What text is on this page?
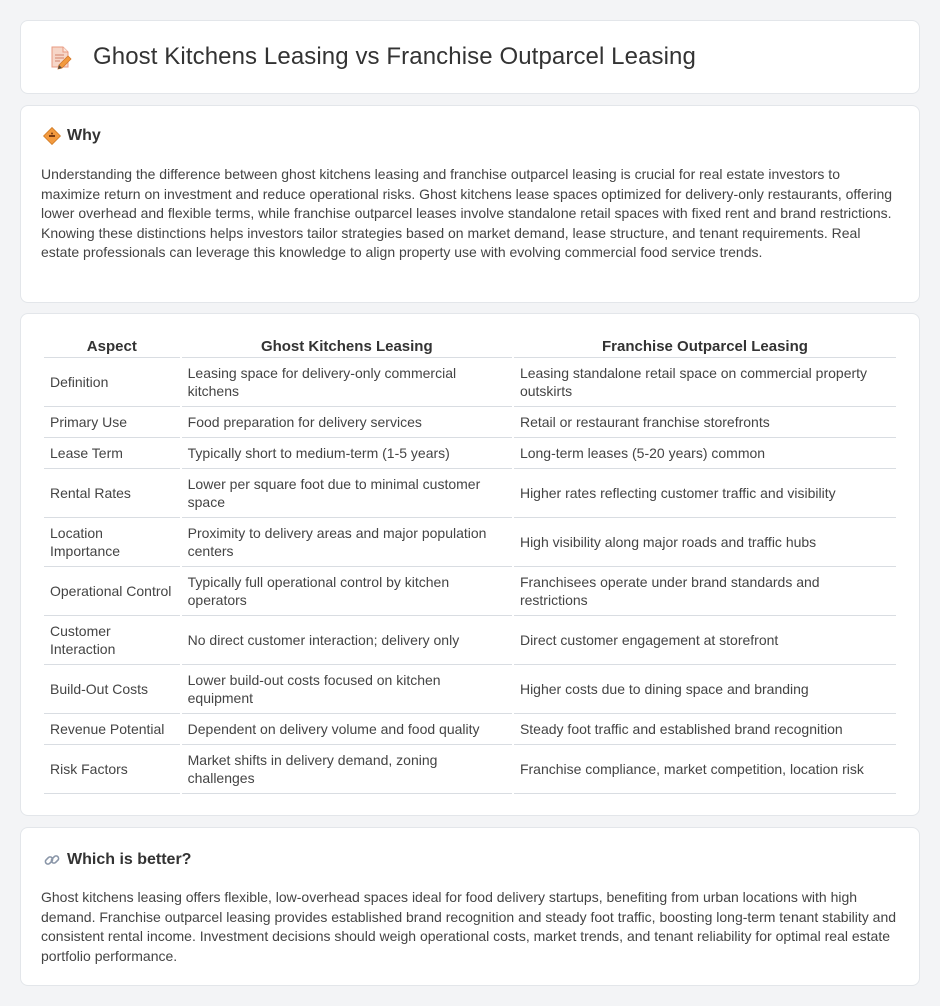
Ghost Kitchens Leasing vs Franchise Outparcel Leasing
Why

Understanding the difference between ghost kitchens leasing and franchise outparcel leasing is crucial for real estate investors to maximize return on investment and reduce operational risks. Ghost kitchens lease spaces optimized for delivery-only restaurants, offering lower overhead and flexible terms, while franchise outparcel leases involve standalone retail spaces with fixed rent and brand restrictions. Knowing these distinctions helps investors tailor strategies based on market demand, lease structure, and tenant requirements. Real estate professionals can leverage this knowledge to align property use with evolving commercial food service trends.

Aspect	Ghost Kitchens Leasing	Franchise Outparcel Leasing
Definition	Leasing space for delivery-only commercial kitchens	Leasing standalone retail space on commercial property outskirts
Primary Use	Food preparation for delivery services	Retail or restaurant franchise storefronts
Lease Term	Typically short to medium-term (1-5 years)	Long-term leases (5-20 years) common
Rental Rates	Lower per square foot due to minimal customer space	Higher rates reflecting customer traffic and visibility
Location Importance	Proximity to delivery areas and major population centers	High visibility along major roads and traffic hubs
Operational Control	Typically full operational control by kitchen operators	Franchisees operate under brand standards and restrictions
Customer Interaction	No direct customer interaction; delivery only	Direct customer engagement at storefront
Build-Out Costs	Lower build-out costs focused on kitchen equipment	Higher costs due to dining space and branding
Revenue Potential	Dependent on delivery volume and food quality	Steady foot traffic and established brand recognition
Risk Factors	Market shifts in delivery demand, zoning challenges	Franchise compliance, market competition, location risk
Which is better?

Ghost kitchens leasing offers flexible, low-overhead spaces ideal for food delivery startups, benefiting from urban locations with high demand. Franchise outparcel leasing provides established brand recognition and steady foot traffic, boosting long-term tenant stability and consistent rental income. Investment decisions should weigh operational costs, market trends, and tenant reliability for optimal real estate portfolio performance.
